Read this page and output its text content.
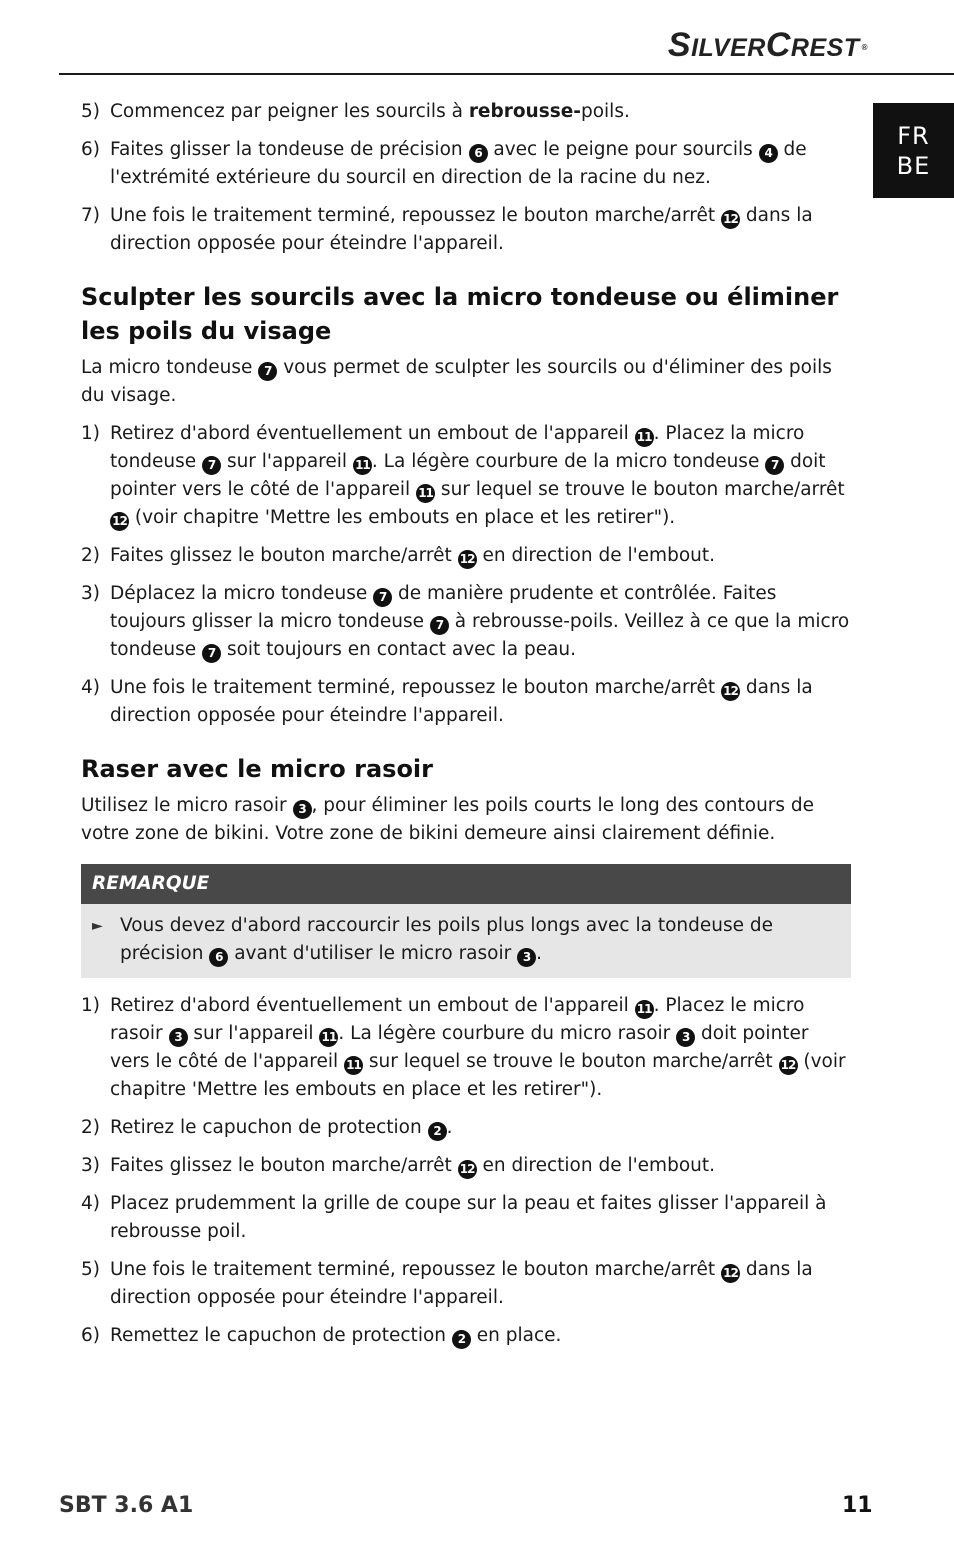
SILVERCREST ®
FR
BE
5) Commencez par peigner les sourcils à rebrousse-poils.
6) Faites glisser la tondeuse de précision 6 avec le peigne pour sourcils 4 de l'extrémité extérieure du sourcil en direction de la racine du nez.
7) Une fois le traitement terminé, repoussez le bouton marche/arrêt 12 dans la direction opposée pour éteindre l'appareil.
Sculpter les sourcils avec la micro tondeuse ou éliminer les poils du visage

La micro tondeuse 7 vous permet de sculpter les sourcils ou d'éliminer des poils du visage.

1) Retirez d'abord éventuellement un embout de l'appareil 11 . Placez la micro tondeuse 7 sur l'appareil 11 . La légère courbure de la micro tondeuse 7 doit pointer vers le côté de l'appareil 11 sur lequel se trouve le bouton marche/arrêt 12 (voir chapitre 'Mettre les embouts en place et les retirer").
2) Faites glissez le bouton marche/arrêt 12 en direction de l'embout.
3) Déplacez la micro tondeuse 7 de manière prudente et contrôlée. Faites toujours glisser la micro tondeuse 7 à rebrousse-poils. Veillez à ce que la micro tondeuse 7 soit toujours en contact avec la peau.
4) Une fois le traitement terminé, repoussez le bouton marche/arrêt 12 dans la direction opposée pour éteindre l'appareil.
Raser avec le micro rasoir

Utilisez le micro rasoir 3 , pour éliminer les poils courts le long des contours de votre zone de bikini. Votre zone de bikini demeure ainsi clairement définie.

REMARQUE
► Vous devez d'abord raccourcir les poils plus longs avec la tondeuse de précision 6 avant d'utiliser le micro rasoir 3 .
1) Retirez d'abord éventuellement un embout de l'appareil 11 . Placez le micro rasoir 3 sur l'appareil 11 . La légère courbure du micro rasoir 3 doit pointer vers le côté de l'appareil 11 sur lequel se trouve le bouton marche/arrêt 12 (voir chapitre 'Mettre les embouts en place et les retirer").
2) Retirez le capuchon de protection 2 .
3) Faites glissez le bouton marche/arrêt 12 en direction de l'embout.
4) Placez prudemment la grille de coupe sur la peau et faites glisser l'appareil à rebrousse poil.
5) Une fois le traitement terminé, repoussez le bouton marche/arrêt 12 dans la direction opposée pour éteindre l'appareil.
6) Remettez le capuchon de protection 2 en place.
SBT 3.6 A1	11
